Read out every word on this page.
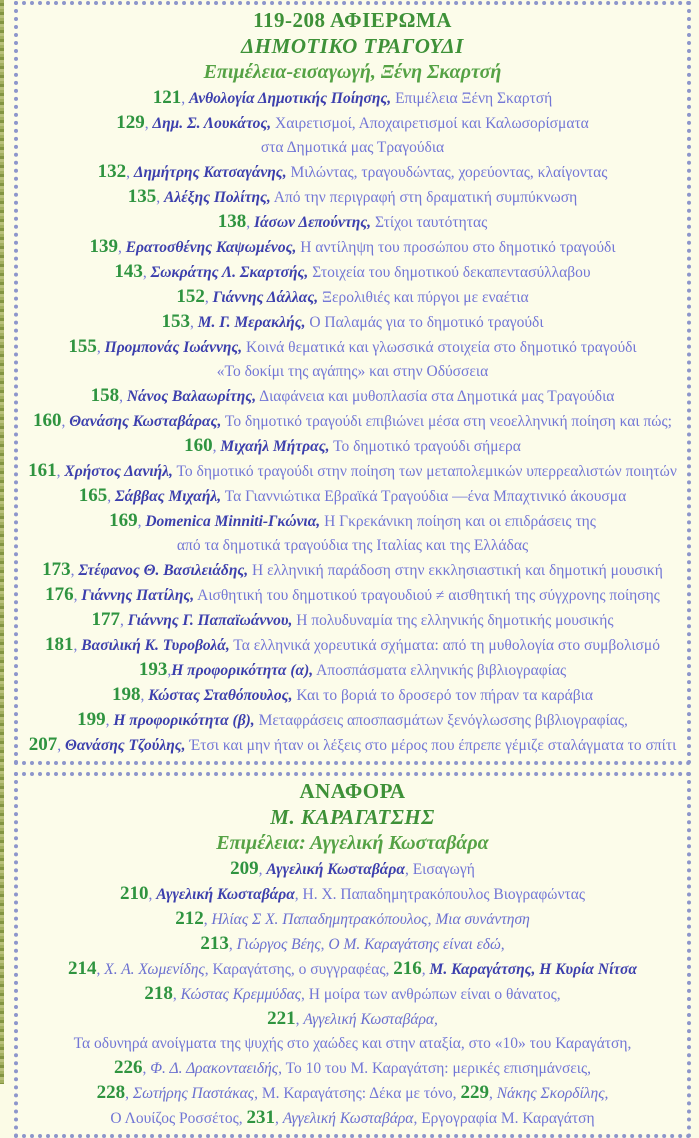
119-208 ΑΦΙΕΡΩΜΑ
ΔΗΜΟΤΙΚΟ ΤΡΑΓΟΥΔΙ
Επιμέλεια-εισαγωγή, Ξένη Σκαρτσή
121, Ανθολογία Δημοτικής Ποίησης, Επιμέλεια Ξένη Σκαρτσή
129, Δημ. Σ. Λουκάτος, Χαιρετισμοί, Αποχαιρετισμοί και Καλωσορίσματα
στα Δημοτικά μας Τραγούδια
132, Δημήτρης Κατσαγάνης, Μιλώντας, τραγουδώντας, χορεύοντας, κλαίγοντας
135, Αλέξης Πολίτης, Από την περιγραφή στη δραματική συμπύκνωση
138, Ιάσων Δεπούντης, Στίχοι ταυτότητας
139, Ερατοσθένης Καψωμένος, Η αντίληψη του προσώπου στο δημοτικό τραγούδι
143, Σωκράτης Λ. Σκαρτσής, Στοιχεία του δημοτικού δεκαπεντασύλλαβου
152, Γιάννης Δάλλας, Ξερολιθιές και πύργοι με εναέτια
153, Μ. Γ. Μερακλής, Ο Παλαμάς για το δημοτικό τραγούδι
155, Προμπονάς Ιωάννης, Κοινά θεματικά και γλωσσικά στοιχεία στο δημοτικό τραγούδι
«Το δοκίμι της αγάπης» και στην Οδύσσεια
158, Νάνος Βαλαωρίτης, Διαφάνεια και μυθοπλασία στα Δημοτικά μας Τραγούδια
160, Θανάσης Κωσταβάρας, Το δημοτικό τραγούδι επιβιώνει μέσα στη νεοελληνική ποίηση και πώς;
160, Μιχαήλ Μήτρας, Το δημοτικό τραγούδι σήμερα
161, Χρήστος Δανιήλ, Το δημοτικό τραγούδι στην ποίηση των μεταπολεμικών υπερρεαλιστών ποιητών
165, Σάββας Μιχαήλ, Τα Γιαννιώτικα Εβραϊκά Τραγούδια —ένα Μπαχτινικό άκουσμα
169, Domenica Minniti-Γκώνια, Η Γκρεκάνικη ποίηση και οι επιδράσεις της
από τα δημοτικά τραγούδια της Ιταλίας και της Ελλάδας
173, Στέφανος Θ. Βασιλειάδης, Η ελληνική παράδοση στην εκκλησιαστική και δημοτική μουσική
176, Γιάννης Πατίλης, Αισθητική του δημοτικού τραγουδιού ≠ αισθητική της σύγχρονης ποίησης
177, Γιάννης Γ. Παπαϊωάννου, Η πολυδυναμία της ελληνικής δημοτικής μουσικής
181, Βασιλική Κ. Τυροβολά, Τα ελληνικά χορευτικά σχήματα: από τη μυθολογία στο συμβολισμό
193,Η προφορικότητα (α), Αποσπάσματα ελληνικής βιβλιογραφίας
198, Κώστας Σταθόπουλος, Και το βοριά το δροσερό τον πήραν τα καράβια
199, Η προφορικότητα (β), Μεταφράσεις αποσπασμάτων ξενόγλωσσης βιβλιογραφίας,
207, Θανάσης Τζούλης, Έτσι και μην ήταν οι λέξεις στο μέρος που έπρεπε γέμιζε σταλάγματα το σπίτι
ΑΝΑΦΟΡΑ
Μ. ΚΑΡΑΓΑΤΣΗΣ
Επιμέλεια: Αγγελική Κωσταβάρα
209, Αγγελική Κωσταβάρα, Εισαγωγή
210, Αγγελική Κωσταβάρα, Η. Χ. Παπαδημητρακόπουλος Βιογραφώντας
212, Ηλίας Σ Χ. Παπαδημητρακόπουλος, Μια συνάντηση
213, Γιώργος Βέης, Ο Μ. Καραγάτσης είναι εδώ,
214, Χ. Α. Χωμενίδης, Καραγάτσης, ο συγγραφέας, 216, Μ. Καραγάτσης, Η Κυρία Νίτσα
218, Κώστας Κρεμμύδας, Η μοίρα των ανθρώπων είναι ο θάνατος,
221, Αγγελική Κωσταβάρα,
Τα οδυνηρά ανοίγματα της ψυχής στο χαώδες και στην αταξία, στο «10» του Καραγάτση,
226, Φ. Δ. Δρακονταειδής, Το 10 του Μ. Καραγάτση: μερικές επισημάνσεις,
228, Σωτήρης Παστάκας, Μ. Καραγάτσης: Δέκα με τόνο, 229, Νάκης Σκορδίλης,
Ο Λουίζος Ροσσέτος, 231, Αγγελική Κωσταβάρα, Εργογραφία Μ. Καραγάτση
